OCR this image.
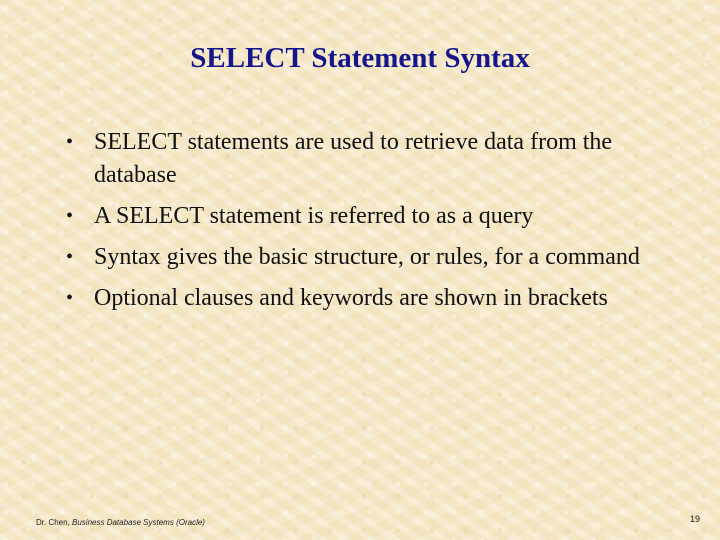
SELECT Statement Syntax
• SELECT statements are used to retrieve data from the database
• A SELECT statement is referred to as a query
• Syntax gives the basic structure, or rules, for a command
• Optional clauses and keywords are shown in brackets
Dr. Chen, Business Database Systems (Oracle)	19
